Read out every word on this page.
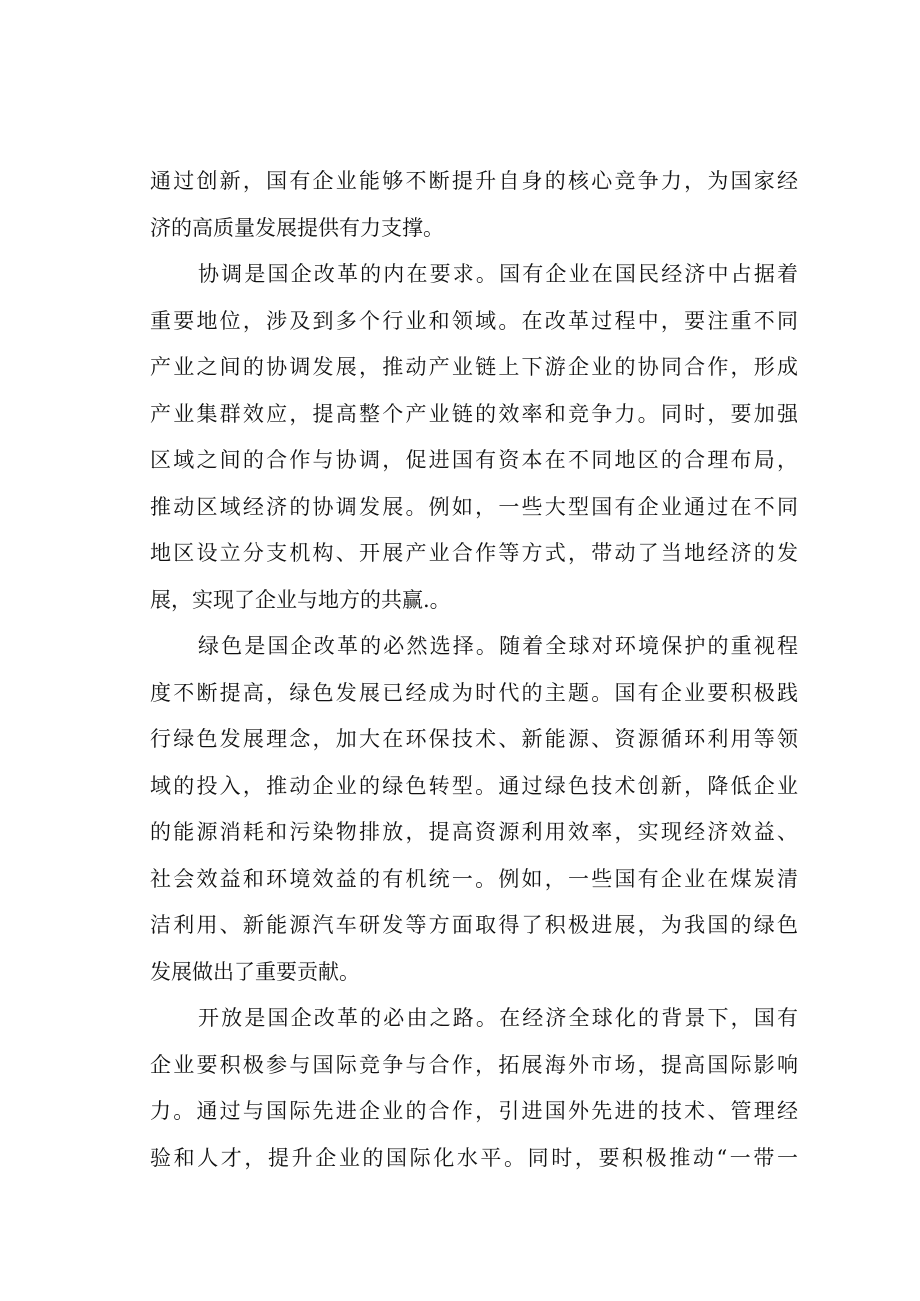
通过创新，国有企业能够不断提升自身的核心竞争力，为国家经
济的高质量发展提供有力支撑。
协调是国企改革的内在要求。国有企业在国民经济中占据着
重要地位，涉及到多个行业和领域。在改革过程中，要注重不同
产业之间的协调发展，推动产业链上下游企业的协同合作，形成
产业集群效应，提高整个产业链的效率和竞争力。同时，要加强
区域之间的合作与协调，促进国有资本在不同地区的合理布局，
推动区域经济的协调发展。例如，一些大型国有企业通过在不同
地区设立分支机构、开展产业合作等方式，带动了当地经济的发
展，实现了企业与地方的共赢.。
绿色是国企改革的必然选择。随着全球对环境保护的重视程
度不断提高，绿色发展已经成为时代的主题。国有企业要积极践
行绿色发展理念，加大在环保技术、新能源、资源循环利用等领
域的投入，推动企业的绿色转型。通过绿色技术创新，降低企业
的能源消耗和污染物排放，提高资源利用效率，实现经济效益、
社会效益和环境效益的有机统一。例如，一些国有企业在煤炭清
洁利用、新能源汽车研发等方面取得了积极进展，为我国的绿色
发展做出了重要贡献。
开放是国企改革的必由之路。在经济全球化的背景下，国有
企业要积极参与国际竞争与合作，拓展海外市场，提高国际影响
力。通过与国际先进企业的合作，引进国外先进的技术、管理经
验和人才，提升企业的国际化水平。同时，要积极推动“一带一
